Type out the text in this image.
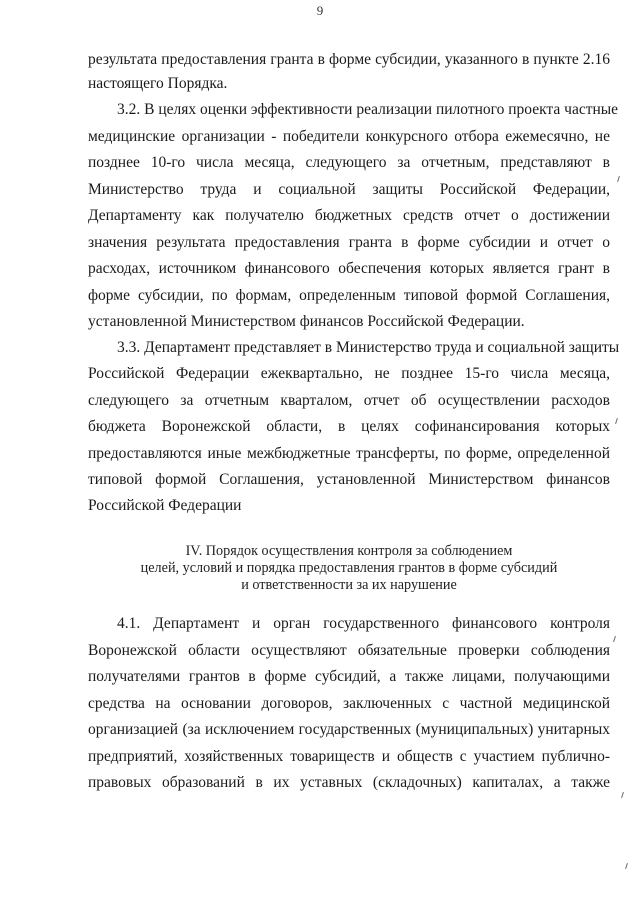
9
результата предоставления гранта в форме субсидии, указанного в пункте 2.16
настоящего Порядка.
3.2. В целях оценки эффективности реализации пилотного проекта частные
медицинские организации - победители конкурсного отбора ежемесячно, не
позднее 10-го числа месяца, следующего за отчетным, представляют в
Министерство труда и социальной защиты Российской Федерации,
Департаменту как получателю бюджетных средств отчет о достижении
значения результата предоставления гранта в форме субсидии и отчет о
расходах, источником финансового обеспечения которых является грант в
форме субсидии, по формам, определенным типовой формой Соглашения,
установленной Министерством финансов Российской Федерации.
3.3. Департамент представляет в Министерство труда и социальной защиты
Российской Федерации ежеквартально, не позднее 15-го числа месяца,
следующего за отчетным кварталом, отчет об осуществлении расходов
бюджета Воронежской области, в целях софинансирования которых
предоставляются иные межбюджетные трансферты, по форме, определенной
типовой формой Соглашения, установленной Министерством финансов
Российской Федерации
IV. Порядок осуществления контроля за соблюдением
целей, условий и порядка предоставления грантов в форме субсидий
и ответственности за их нарушение
4.1. Департамент и орган государственного финансового контроля
Воронежской области осуществляют обязательные проверки соблюдения
получателями грантов в форме субсидий, а также лицами, получающими
средства на основании договоров, заключенных с частной медицинской
организацией (за исключением государственных (муниципальных) унитарных
предприятий, хозяйственных товариществ и обществ с участием публично-
правовых образований в их уставных (складочных) капиталах, а также
